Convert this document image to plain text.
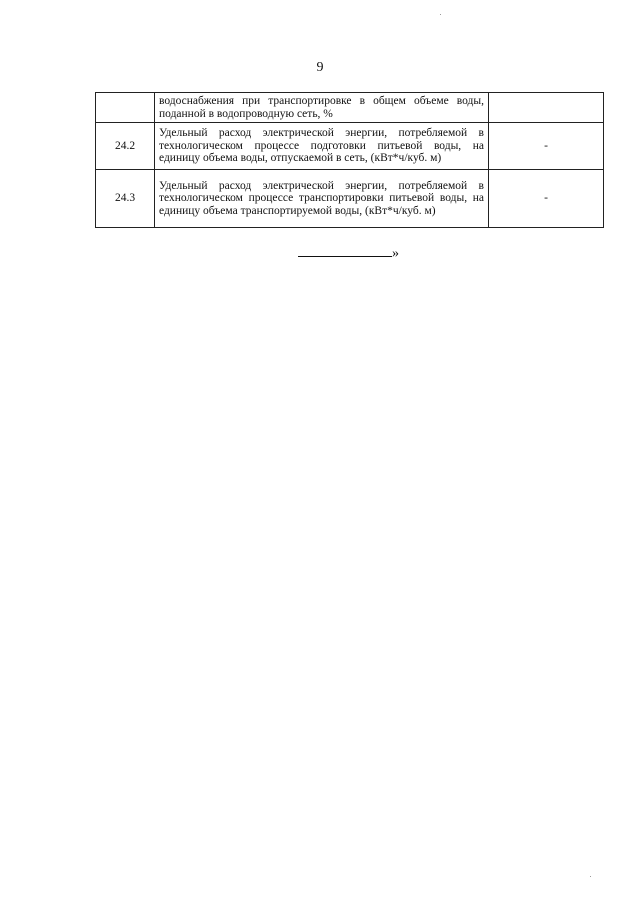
9
	водоснабжения при транспортировке в общем объеме воды, поданной в водопроводную сеть, %	
24.2	Удельный расход электрической энергии, потребляемой в технологическом процессе подготовки питьевой воды, на единицу объема воды, отпускаемой в сеть, (кВт*ч/куб. м)	-
24.3	Удельный расход электрической энергии, потребляемой в технологическом процессе транспортировки питьевой воды, на единицу объема транспортируемой воды, (кВт*ч/куб. м)	-
»
